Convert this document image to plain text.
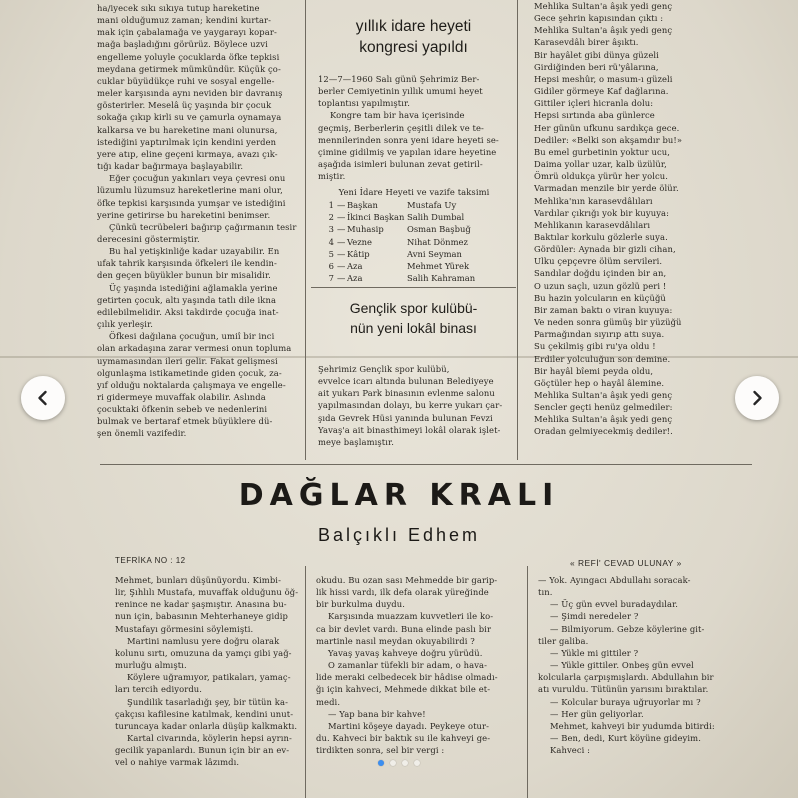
ha/iyecek sıkı sıkıya tutup hareketine

mani olduğumuz zaman; kendini kurtar-

mak için çabalamağa ve yaygarayı kopar-

mağa başladığını görürüz. Böylece uzvi

engelleme yoluyle çocuklarda öfke tepkisi

meydana getirmek mümkündür. Küçük ço-

cuklar büyüdükçe ruhi ve sosyal engelle-

meler karşısında aynı neviden bir davranış

gösterirler. Meselâ üç yaşında bir çocuk

sokağa çıkıp kirli su ve çamurla oynamaya

kalkarsa ve bu hareketine mani olunursa,

istediğini yaptırılmak için kendini yerden

yere atıp, eline geçeni kırmaya, avazı çık-

tığı kadar bağırmaya başlayabilir.

Eğer çocuğun yakınları veya çevresi onu

lüzumlu lüzumsuz hareketlerine mani olur,

öfke tepkisi karşısında yumşar ve istediğini

yerine getirirse bu hareketini benimser.

Çünkü tecrübeleri bağırıp çağırmanın tesir

derecesini göstermiştir.

Bu hal yetişkinliğe kadar uzayabilir. En

ufak tahrik karşısında öfkeleri ile kendin-

den geçen büyükler bunun bir misalidir.

Üç yaşında istediğini ağlamakla yerine

getirten çocuk, altı yaşında tatlı dile ikna

edilebilmelidir. Aksi takdirde çocuğa inat-

çılık yerleşir.

Öfkesi dağılana çocuğun, umiî bir inci

olan arkadaşına zarar vermesi onun topluma

uymamasından ileri gelir. Fakat gelişmesi

olgunlaşma istikametinde giden çocuk, za-

yıf olduğu noktalarda çalışmaya ve engelle-

ri gidermeye muvaffak olabilir. Aslında

çocuktaki öfkenin sebeb ve nedenlerini

bulmak ve bertaraf etmek büyüklere dü-

şen önemli vazifedir.

yıllık idare heyeti
kongresi yapıldı

12—7—1960 Salı günü Şehrimiz Ber-

berler Cemiyetinin yıllık umumi heyet

toplantısı yapılmıştır.

Kongre tam bir hava içerisinde

geçmiş, Berberlerin çeşitli dilek ve te-

mennilerinden sonra yeni idare heyeti se-

çimine gidilmiş ve yapılan idare heyetine

aşağıda isimleri bulunan zevat getiril-

miştir.

Yeni İdare Heyeti ve vazife taksimi

1 — Başkan	Mustafa Uy
2 — İkinci Başkan Salih Dumbal
3 — Muhasip	Osman Başbuğ
4 — Vezne	Nihat Dönmez
5 — Kâtip	Avni Seyman
6 — Aza	Mehmet Yürek
7 — Aza	Salih Kahraman
Gençlik spor kulübü-
nün yeni lokâl binası

Şehrimiz Gençlik spor kulübü,

evvelce icarı altında bulunan Belediyeye

ait yukarı Park binasının evlenme salonu

yapılmasından dolayı, bu kerre yukarı çar-

şıda Gevrek Hüsi yanında bulunan Fevzi

Yavaş'a ait binasthimeyi lokâl olarak işlet-

meye başlamıştır.

Mehlika Sultan'a âşık yedi genç

Gece şehrin kapısından çıktı :

Mehlika Sultan'a âşık yedi genç

Karasevdâlı birer âşıktı.

Bir hayâlet gibi dünya güzeli

Girdiğinden beri rü'yâlarına,

Hepsi meshûr, o masum-ı güzeli

Gidiler görmeye Kaf dağlarına.

Gittiler içleri hicranla dolu:

Hepsi sırtında aba günlerce

Her günün ufkunu sardıkça gece.

Dediler: «Belki son akşamdır bu!»

Bu emel gurbetinin yoktur ucu,

Daima yollar uzar, kalb üzülür,

Ömrü oldukça yürür her yolcu.

Varmadan menzile bir yerde ölür.

Mehlika'nın karasevdâlıları

Vardılar çıkrığı yok bir kuyuya:

Mehlikanın karasevdâlıları

Baktılar korkulu gözlerle suya.

Gördüler: Aynada bir gizli cihan,

Ulku çepçevre ölüm servileri.

Sandılar doğdu içinden bir an,

O uzun saçlı, uzun gözlü peri !

Bu hazin yolcuların en küçüğü

Bir zaman baktı o viran kuyuya:

Ve neden sonra gümüş bir yüzüğü

Parmağından sıyırıp attı suya.

Su çekilmiş gibi ru'ya oldu !

Erdiler yolculuğun son demine.

Bir hayâl bîemi peyda oldu,

Göçtüler hep o hayâl âlemine.

Mehlika Sultan'a âşık yedi genç

Sencler geçti henüz gelmediler:

Mehlika Sultan'a âşık yedi genç

Oradan gelmiyecekmiş dediler!.

DAĞLAR KRALI
Balçıklı Edhem
TEFRİKA NO : 12	« REFİ' CEVAD ULUNAY »

Mehmet, bunları düşünüyordu. Kimbi-

lir, Şıhlılı Mustafa, muvaffak olduğunu öğ-

renince ne kadar şaşmıştır. Anasına bu-

nun için, babasının Mehterhaneye gidip

Mustafayı görmesini söylemişti.

Martini namlusu yere doğru olarak

kolunu sırtı, omuzuna da yamçı gibi yağ-

murluğu almıştı.

Köylere uğramıyor, patikaları, yamaç-

ları tercih ediyordu.

Şundilik tasarladığı şey, bir tütün ka-

çakçısı kafilesine katılmak, kendini unut-

turuncaya kadar onlarla düşüp kalkmaktı.

Kartal civarında, köylerin hepsi ayrın-

gecilik yapanlardı. Bunun için bir an ev-

vel o nahiye varmak lâzımdı.

okudu. Bu ozan sası Mehmedde bir garip-

lik hissi vardı, ilk defa olarak yüreğinde

bir burkulma duydu.

Karşısında muazzam kuvvetleri ile ko-

ca bir devlet vardı. Buna elinde paslı bir

martinle nasıl meydan okuyabilirdi ?

Yavaş yavaş kahveye doğru yürüdü.

O zamanlar tüfekli bir adam, o hava-

lide meraki celbedecek bir hâdise olmadı-

ğı için kahveci, Mehmede dikkat bile et-

medi.

— Yap bana bir kahve!

Martini köşeye dayadı. Peykeye otur-

du. Kahveci bir baktık su ile kahveyi ge-

tirdikten sonra, sel bir vergi :

— Yok. Ayıngacı Abdullahı soracak-

tın.

— Üç gün evvel buradaydılar.

— Şimdi neredeler ?

— Bilmiyorum. Gebze köylerine git-

tiler galiba.

— Yükle mi gittiler ?

— Yükle gittiler. Onbeş gün evvel

kolcularla çarpışmışlardı. Abdullahın bir

atı vuruldu. Tütünün yarısını bıraktılar.

— Kolcular buraya uğruyorlar mı ?

— Her gün geliyorlar.

Mehmet, kahveyi bir yudumda bitirdi:

— Ben, dedi, Kurt köyüne gideyim.

Kahveci :
